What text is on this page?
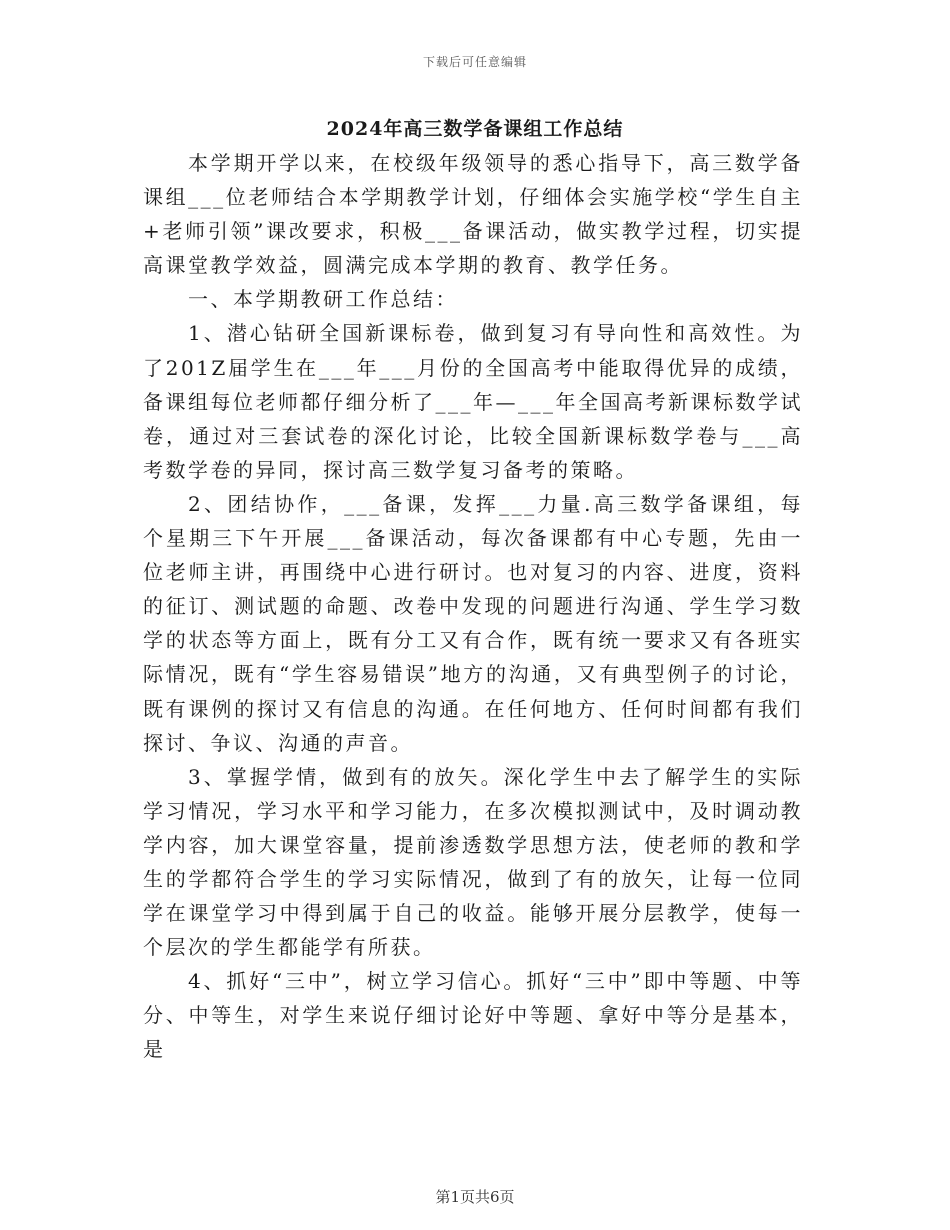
下载后可任意编辑
2024年高三数学备课组工作总结

本学期开学以来，在校级年级领导的悉心指导下，高三数学备课组___位老师结合本学期教学计划，仔细体会实施学校“学生自主+老师引领”课改要求，积极___备课活动，做实教学过程，切实提高课堂教学效益，圆满完成本学期的教育、教学任务。

一、本学期教研工作总结：

1、潜心钻研全国新课标卷，做到复习有导向性和高效性。为了201Z届学生在___年___月份的全国高考中能取得优异的成绩，备课组每位老师都仔细分析了___年—___年全国高考新课标数学试卷，通过对三套试卷的深化讨论，比较全国新课标数学卷与___高考数学卷的异同，探讨高三数学复习备考的策略。

2、团结协作，___备课，发挥___力量.高三数学备课组，每个星期三下午开展___备课活动，每次备课都有中心专题，先由一位老师主讲，再围绕中心进行研讨。也对复习的内容、进度，资料的征订、测试题的命题、改卷中发现的问题进行沟通、学生学习数学的状态等方面上，既有分工又有合作，既有统一要求又有各班实际情况，既有“学生容易错误”地方的沟通，又有典型例子的讨论，既有课例的探讨又有信息的沟通。在任何地方、任何时间都有我们探讨、争议、沟通的声音。

3、掌握学情，做到有的放矢。深化学生中去了解学生的实际学习情况，学习水平和学习能力，在多次模拟测试中，及时调动教学内容，加大课堂容量，提前渗透数学思想方法，使老师的教和学生的学都符合学生的学习实际情况，做到了有的放矢，让每一位同学在课堂学习中得到属于自己的收益。能够开展分层教学，使每一个层次的学生都能学有所获。

4、抓好“三中”，树立学习信心。抓好“三中”即中等题、中等分、中等生，对学生来说仔细讨论好中等题、拿好中等分是基本，是

第1页共6页
